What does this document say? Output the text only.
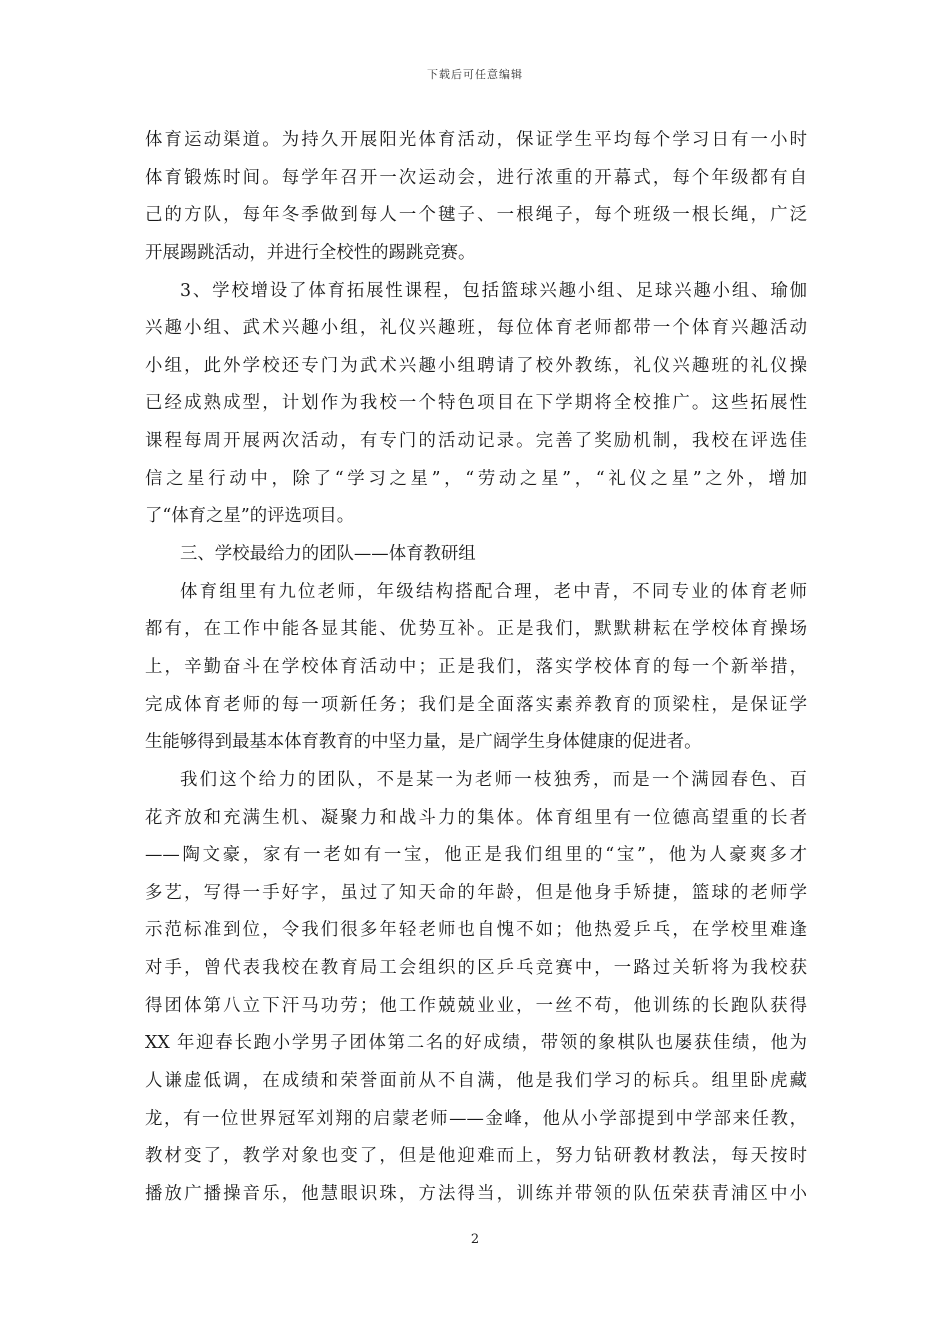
下载后可任意编辑
体育运动渠道。为持久开展阳光体育活动，保证学生平均每个学习日有一小时
体育锻炼时间。每学年召开一次运动会，进行浓重的开幕式，每个年级都有自
己的方队，每年冬季做到每人一个毽子、一根绳子，每个班级一根长绳，广泛
开展踢跳活动，并进行全校性的踢跳竞赛。
3、学校增设了体育拓展性课程，包括篮球兴趣小组、足球兴趣小组、瑜伽
兴趣小组、武术兴趣小组，礼仪兴趣班，每位体育老师都带一个体育兴趣活动
小组，此外学校还专门为武术兴趣小组聘请了校外教练，礼仪兴趣班的礼仪操
已经成熟成型，计划作为我校一个特色项目在下学期将全校推广。这些拓展性
课程每周开展两次活动，有专门的活动记录。完善了奖励机制，我校在评选佳
信之星行动中，除了“学习之星”，“劳动之星”，“礼仪之星”之外，增加
了“体育之星”的评选项目。
三、学校最给力的团队——体育教研组
体育组里有九位老师，年级结构搭配合理，老中青，不同专业的体育老师
都有，在工作中能各显其能、优势互补。正是我们，默默耕耘在学校体育操场
上，辛勤奋斗在学校体育活动中；正是我们，落实学校体育的每一个新举措，
完成体育老师的每一项新任务；我们是全面落实素养教育的顶梁柱，是保证学
生能够得到最基本体育教育的中坚力量，是广阔学生身体健康的促进者。
我们这个给力的团队，不是某一为老师一枝独秀，而是一个满园春色、百
花齐放和充满生机、凝聚力和战斗力的集体。体育组里有一位德高望重的长者
——陶文豪，家有一老如有一宝，他正是我们组里的“宝”，他为人豪爽多才
多艺，写得一手好字，虽过了知天命的年龄，但是他身手矫捷，篮球的老师学
示范标准到位，令我们很多年轻老师也自愧不如；他热爱乒乓，在学校里难逢
对手，曾代表我校在教育局工会组织的区乒乓竞赛中，一路过关斩将为我校获
得团体第八立下汗马功劳；他工作兢兢业业，一丝不苟，他训练的长跑队获得
XX 年迎春长跑小学男子团体第二名的好成绩，带领的象棋队也屡获佳绩，他为
人谦虚低调，在成绩和荣誉面前从不自满，他是我们学习的标兵。组里卧虎藏
龙，有一位世界冠军刘翔的启蒙老师——金峰，他从小学部提到中学部来任教，
教材变了，教学对象也变了，但是他迎难而上，努力钻研教材教法，每天按时
播放广播操音乐，他慧眼识珠，方法得当，训练并带领的队伍荣获青浦区中小
2
